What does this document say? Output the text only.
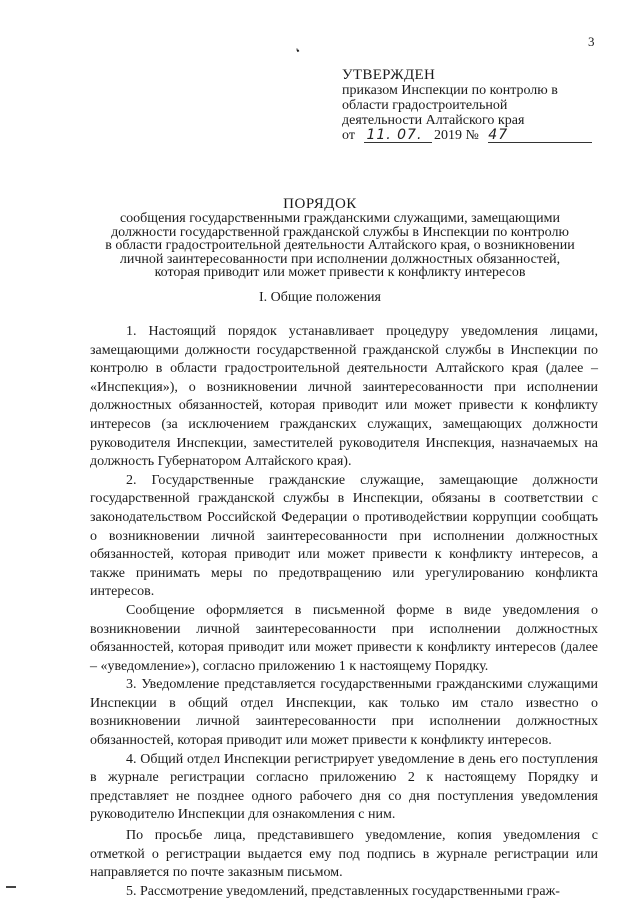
3
❛
УТВЕРЖДЕН
приказом Инспекции по контролю в
области градостроительной
деятельности Алтайского края
от 11. 07. 2019 № 47
ПОРЯДОК
сообщения государственными гражданскими служащими, замещающими
должности государственной гражданской службы в Инспекции по контролю
в области градостроительной деятельности Алтайского края, о возникновении
личной заинтересованности при исполнении должностных обязанностей,
которая приводит или может привести к конфликту интересов
I. Общие положения

1. Настоящий порядок устанавливает процедуру уведомления лицами, замещающими должности государственной гражданской службы в Инспекции по контролю в области градостроительной деятельности Алтайского края (далее – «Инспекция»), о возникновении личной заинтересованности при исполнении должностных обязанностей, которая приводит или может привести к конфликту интересов (за исключением гражданских служащих, замещающих должности руководителя Инспекции, заместителей руководителя Инспекция, назначаемых на должность Губернатором Алтайского края).

2. Государственные гражданские служащие, замещающие должности государственной гражданской службы в Инспекции, обязаны в соответствии с законодательством Российской Федерации о противодействии коррупции сообщать о возникновении личной заинтересованности при исполнении должностных обязанностей, которая приводит или может привести к конфликту интересов, а также принимать меры по предотвращению или урегулированию конфликта интересов.

Сообщение оформляется в письменной форме в виде уведомления о возникновении личной заинтересованности при исполнении должностных обязанностей, которая приводит или может привести к конфликту интересов (далее – «уведомление»), согласно приложению 1 к настоящему Порядку.

3. Уведомление представляется государственными гражданскими служащими Инспекции в общий отдел Инспекции, как только им стало известно о возникновении личной заинтересованности при исполнении должностных обязанностей, которая приводит или может привести к конфликту интересов.

4. Общий отдел Инспекции регистрирует уведомление в день его поступления в журнале регистрации согласно приложению 2 к настоящему Порядку и представляет не позднее одного рабочего дня со дня поступления уведомления руководителю Инспекции для ознакомления с ним.

По просьбе лица, представившего уведомление, копия уведомления с отметкой о регистрации выдается ему под подпись в журнале регистрации или направляется по почте заказным письмом.

5. Рассмотрение уведомлений, представленных государственными граж-
